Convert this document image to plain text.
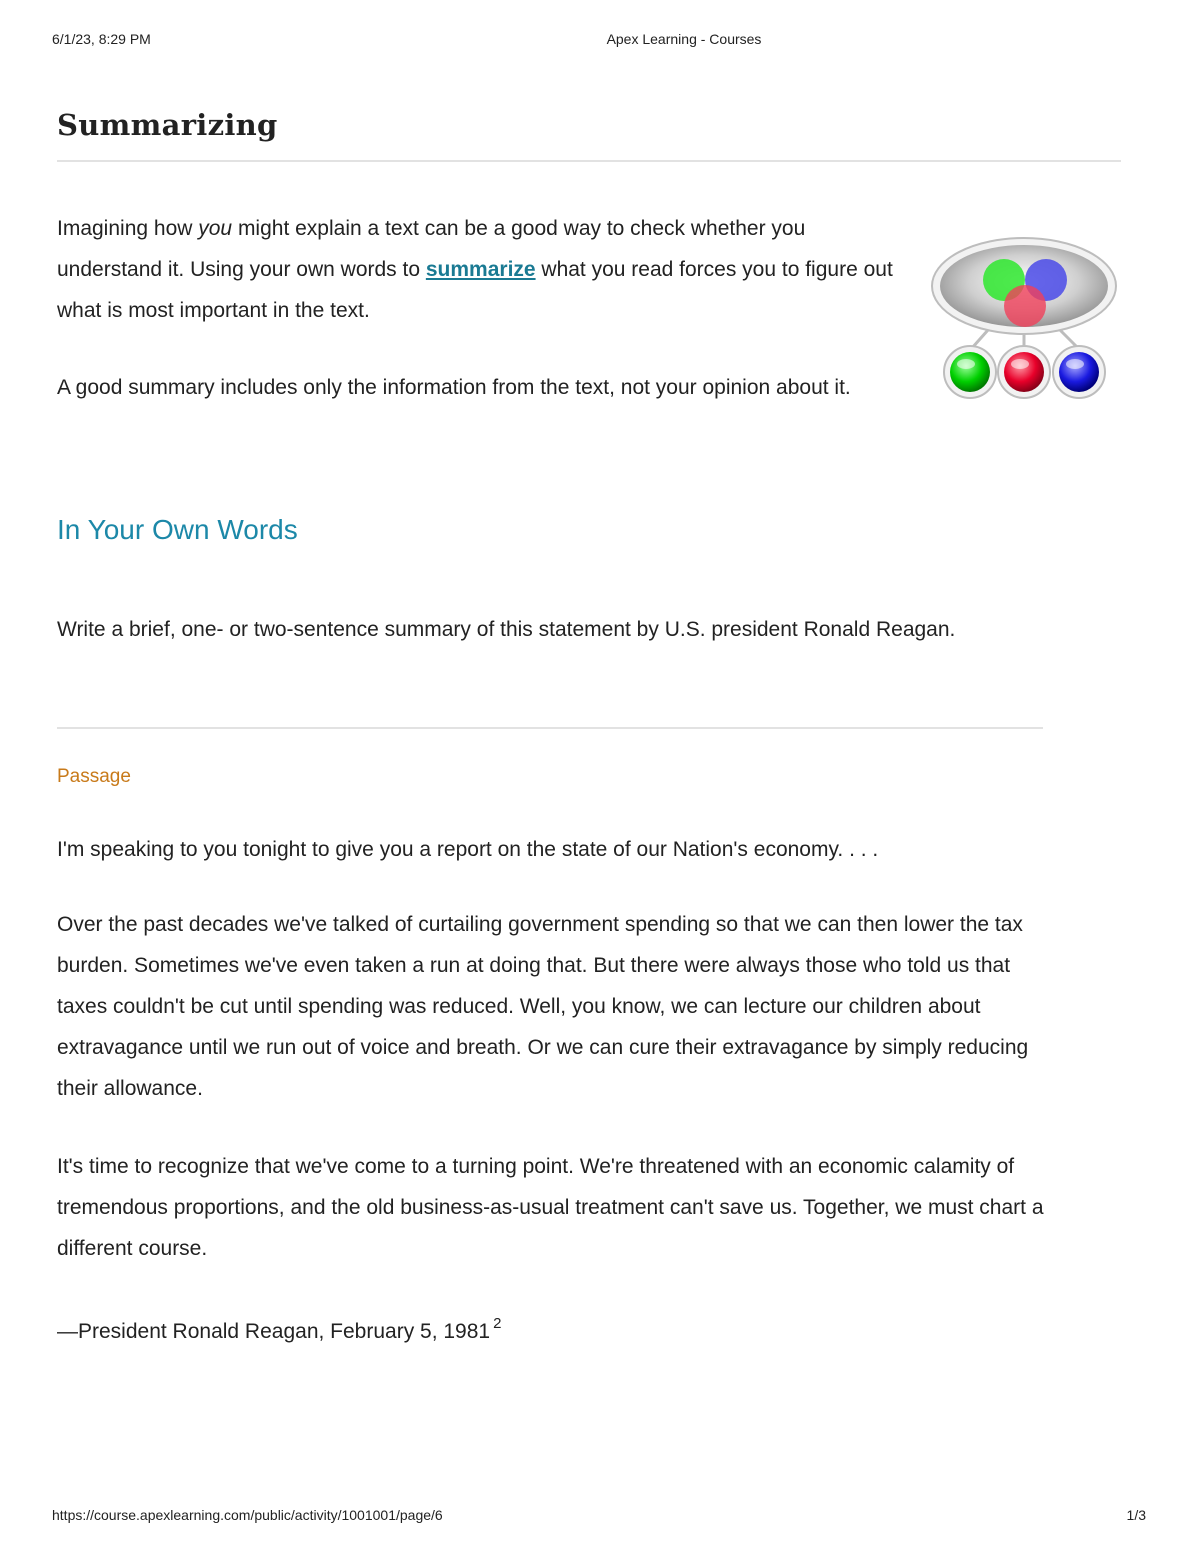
6/1/23, 8:29 PM	Apex Learning - Courses
Summarizing

Imagining how you might explain a text can be a good way to check whether you understand it. Using your own words to summarize what you read forces you to figure out what is most important in the text.

A good summary includes only the information from the text, not your opinion about it.

In Your Own Words

Write a brief, one- or two-sentence summary of this statement by U.S. president Ronald Reagan.

Passage

I'm speaking to you tonight to give you a report on the state of our Nation's economy. . . .

Over the past decades we've talked of curtailing government spending so that we can then lower the tax burden. Sometimes we've even taken a run at doing that. But there were always those who told us that taxes couldn't be cut until spending was reduced. Well, you know, we can lecture our children about extravagance until we run out of voice and breath. Or we can cure their extravagance by simply reducing their allowance.

It's time to recognize that we've come to a turning point. We're threatened with an economic calamity of tremendous proportions, and the old business-as-usual treatment can't save us. Together, we must chart a different course.

—President Ronald Reagan, February 5, 1981 $^2$

https://course.apexlearning.com/public/activity/1001001/page/6	1/3
